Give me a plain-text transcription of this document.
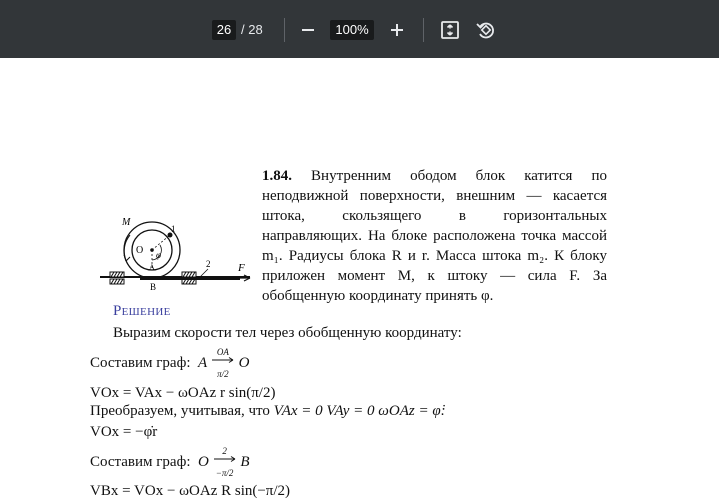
26 / 28	100%
M
1
O
A
B
2
φ
F
1.84. Внутренним ободом блок катится по неподвижной поверхности, внешним — касается штока, скользящего в горизонтальных направляющих. На блоке расположена точка массой m₁. Радиусы блока R и r. Масса штока m₂. К блоку приложен момент M, к штоку — сила F. За обобщенную координату принять φ.
Решение
Выразим скорости тел через обобщенную координату:
Составим граф: A
OA
π/2
O
VOx = VAx − ωOAz r sin(π/2)
Преобразуем, учитывая, что VAx = 0 VAy = 0 ωOAz = φ̇:
VOx = −φ̇r
Составим граф: O
2
−π/2
B
VBx = VOx − ωOAz R sin(−π/2)
